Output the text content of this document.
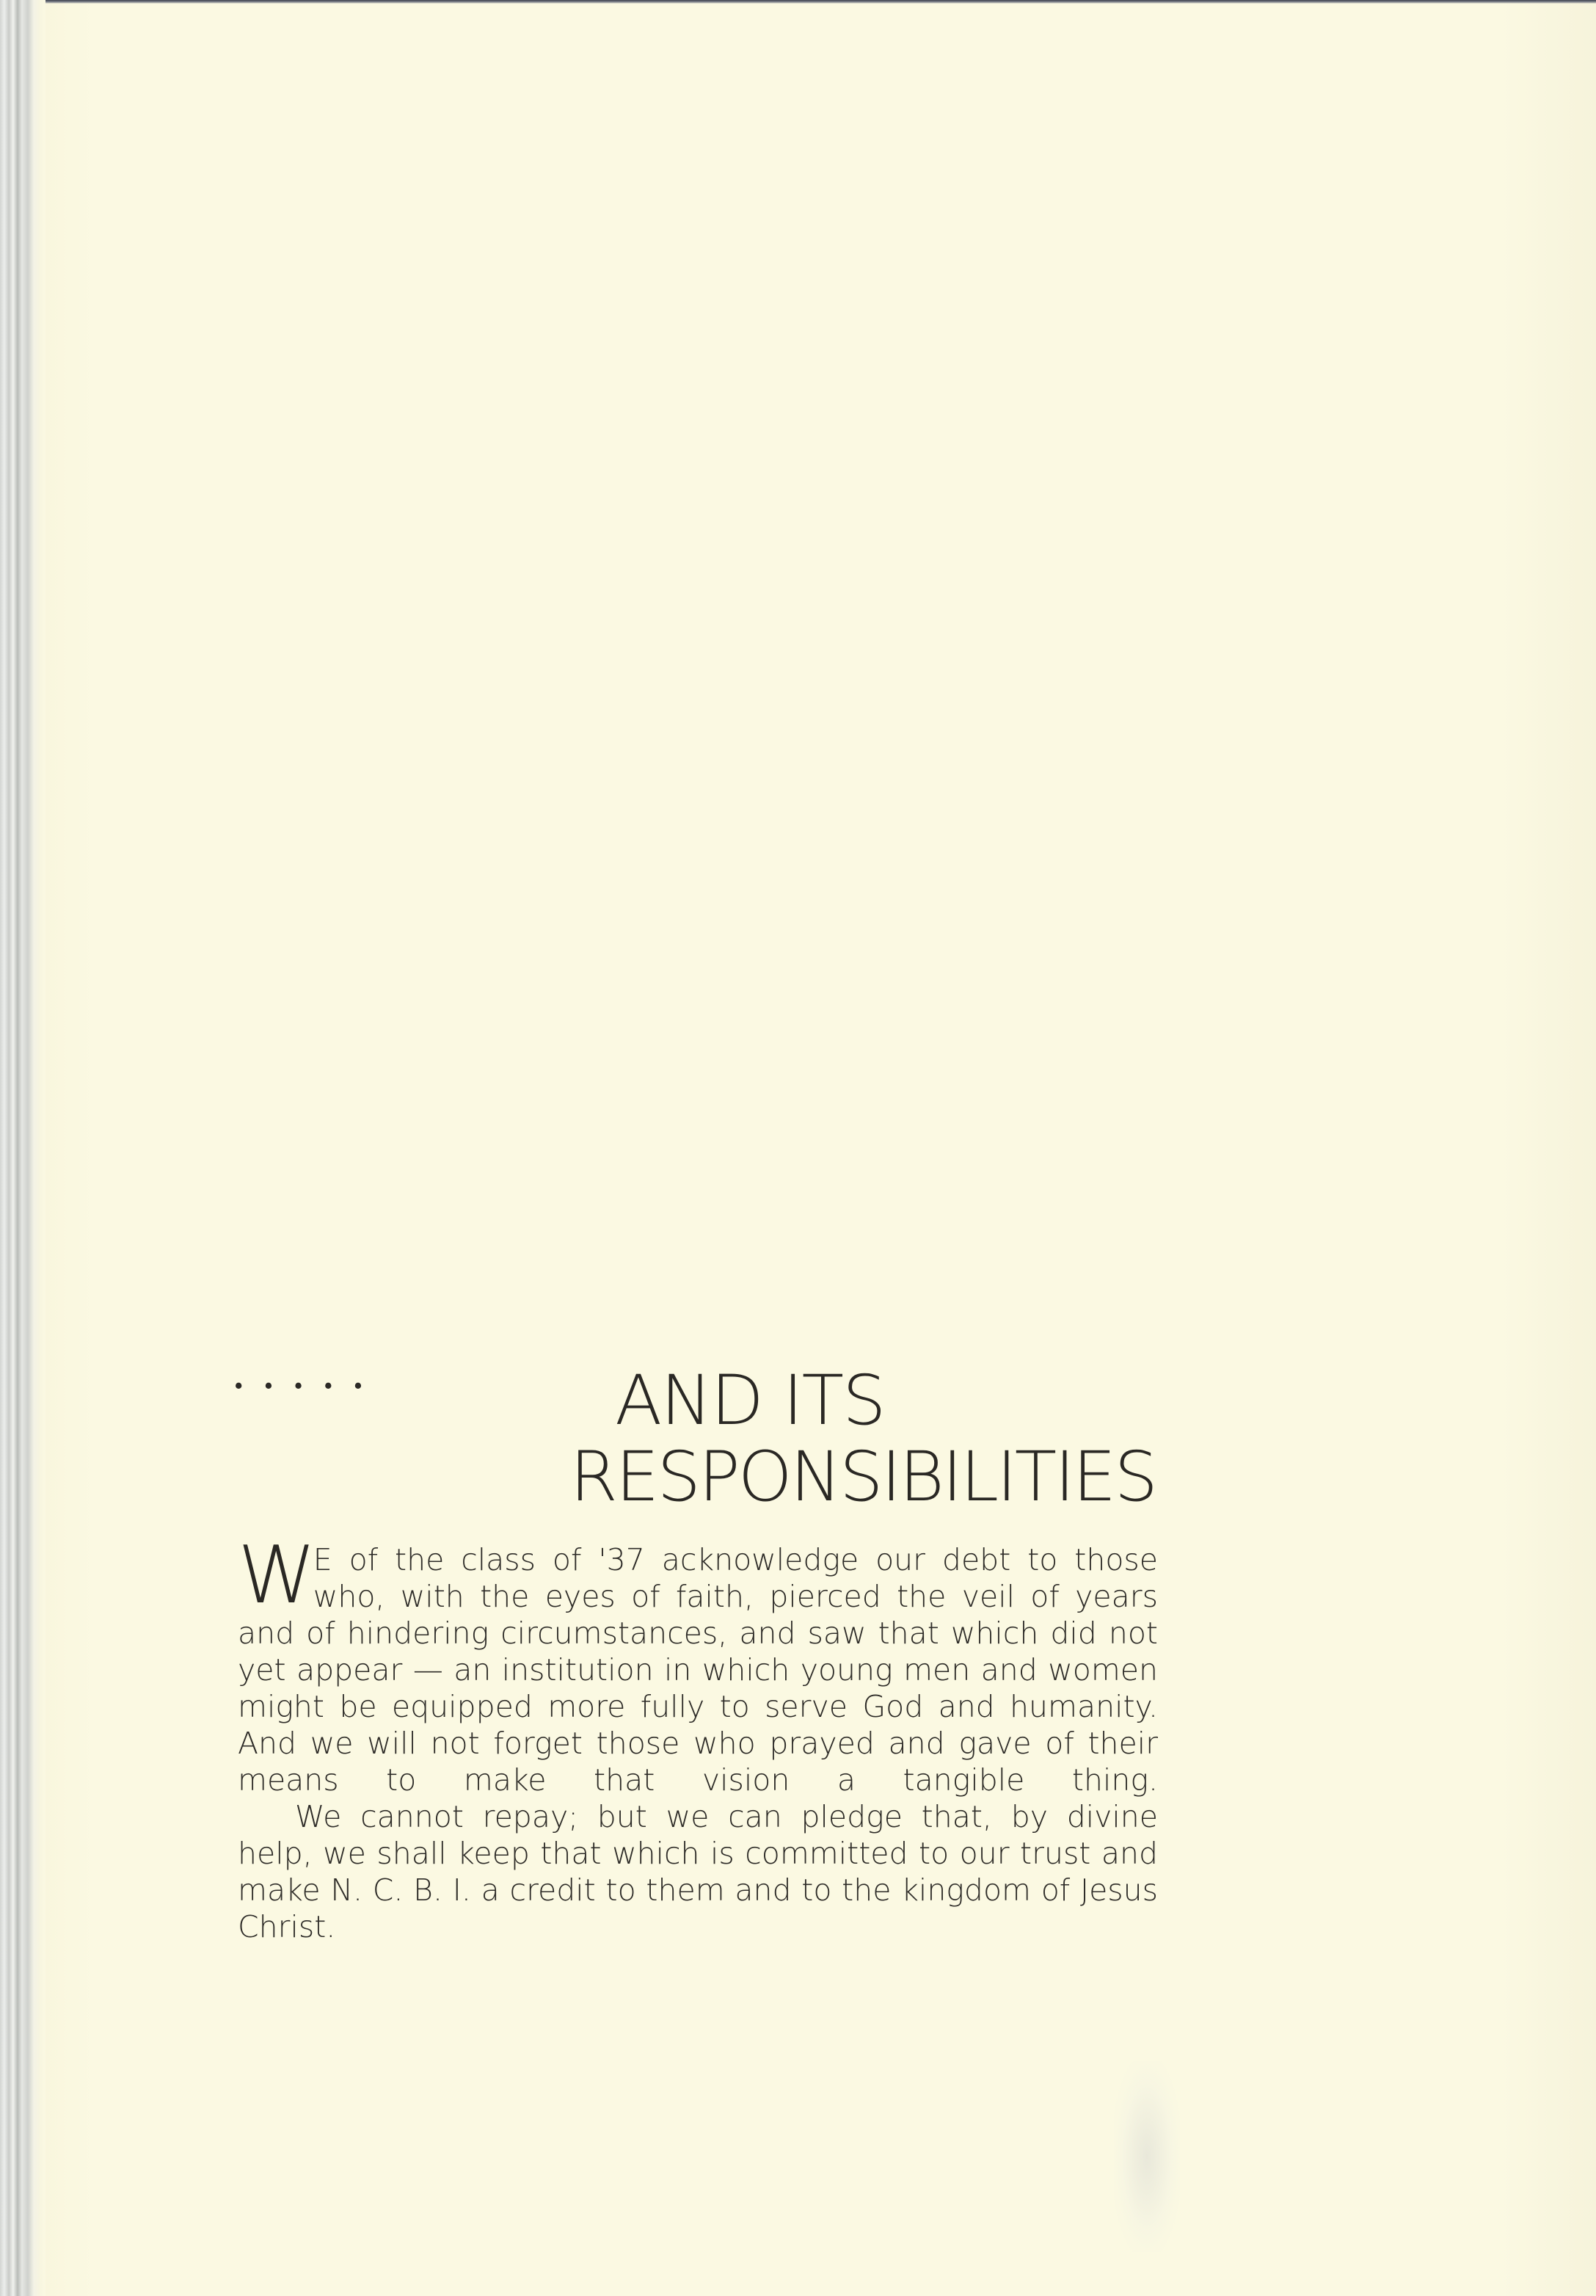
. . . . .	AND ITS
RESPONSIBILITIES

W E of the class of '37 acknowledge our debt to those who, with the eyes of faith, pierced the veil of years and of hindering circumstances, and saw that which did not yet appear — an institution in which young men and women might be equipped more fully to serve God and humanity. And we will not forget those who prayed and gave of their means to make that vision a tangible thing.

We cannot repay; but we can pledge that, by divine help, we shall keep that which is committed to our trust and make N. C. B. I. a credit to them and to the kingdom of Jesus Christ.
